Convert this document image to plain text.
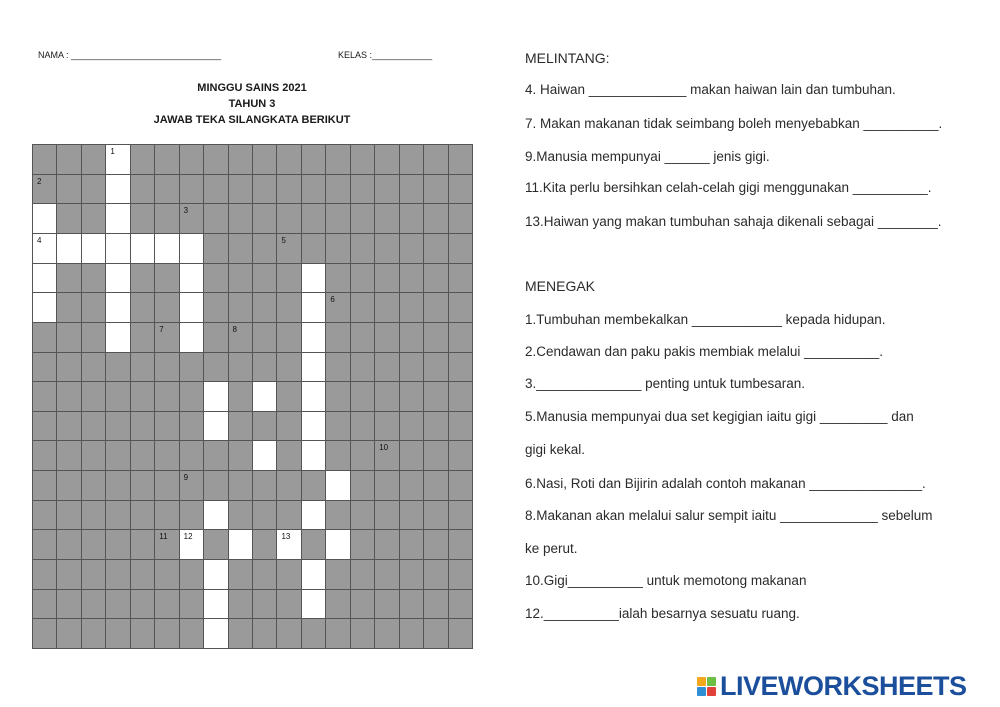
NAMA : ______________________________	KELAS :____________
MINGGU SAINS 2021
TAHUN 3
JAWAB TEKA SILANGKATA BERIKUT
1
2
3
4	5
6
7	8
10
9
11 12	13
MELINTANG:
4. Haiwan _____________ makan haiwan lain dan tumbuhan.
7. Makan makanan tidak seimbang boleh menyebabkan __________.
9.Manusia mempunyai ______ jenis gigi.
11.Kita perlu bersihkan celah-celah gigi menggunakan __________.
13.Haiwan yang makan tumbuhan sahaja dikenali sebagai ________.
MENEGAK
1.Tumbuhan membekalkan ____________ kepada hidupan.
2.Cendawan dan paku pakis membiak melalui __________.
3.______________ penting untuk tumbesaran.
5.Manusia mempunyai dua set kegigian iaitu gigi _________ dan
gigi kekal.
6.Nasi, Roti dan Bijirin adalah contoh makanan _______________.
8.Makanan akan melalui salur sempit iaitu _____________ sebelum
ke perut.
10.Gigi__________ untuk memotong makanan
12.__________ialah besarnya sesuatu ruang.
LIVEWORKSHEETS
